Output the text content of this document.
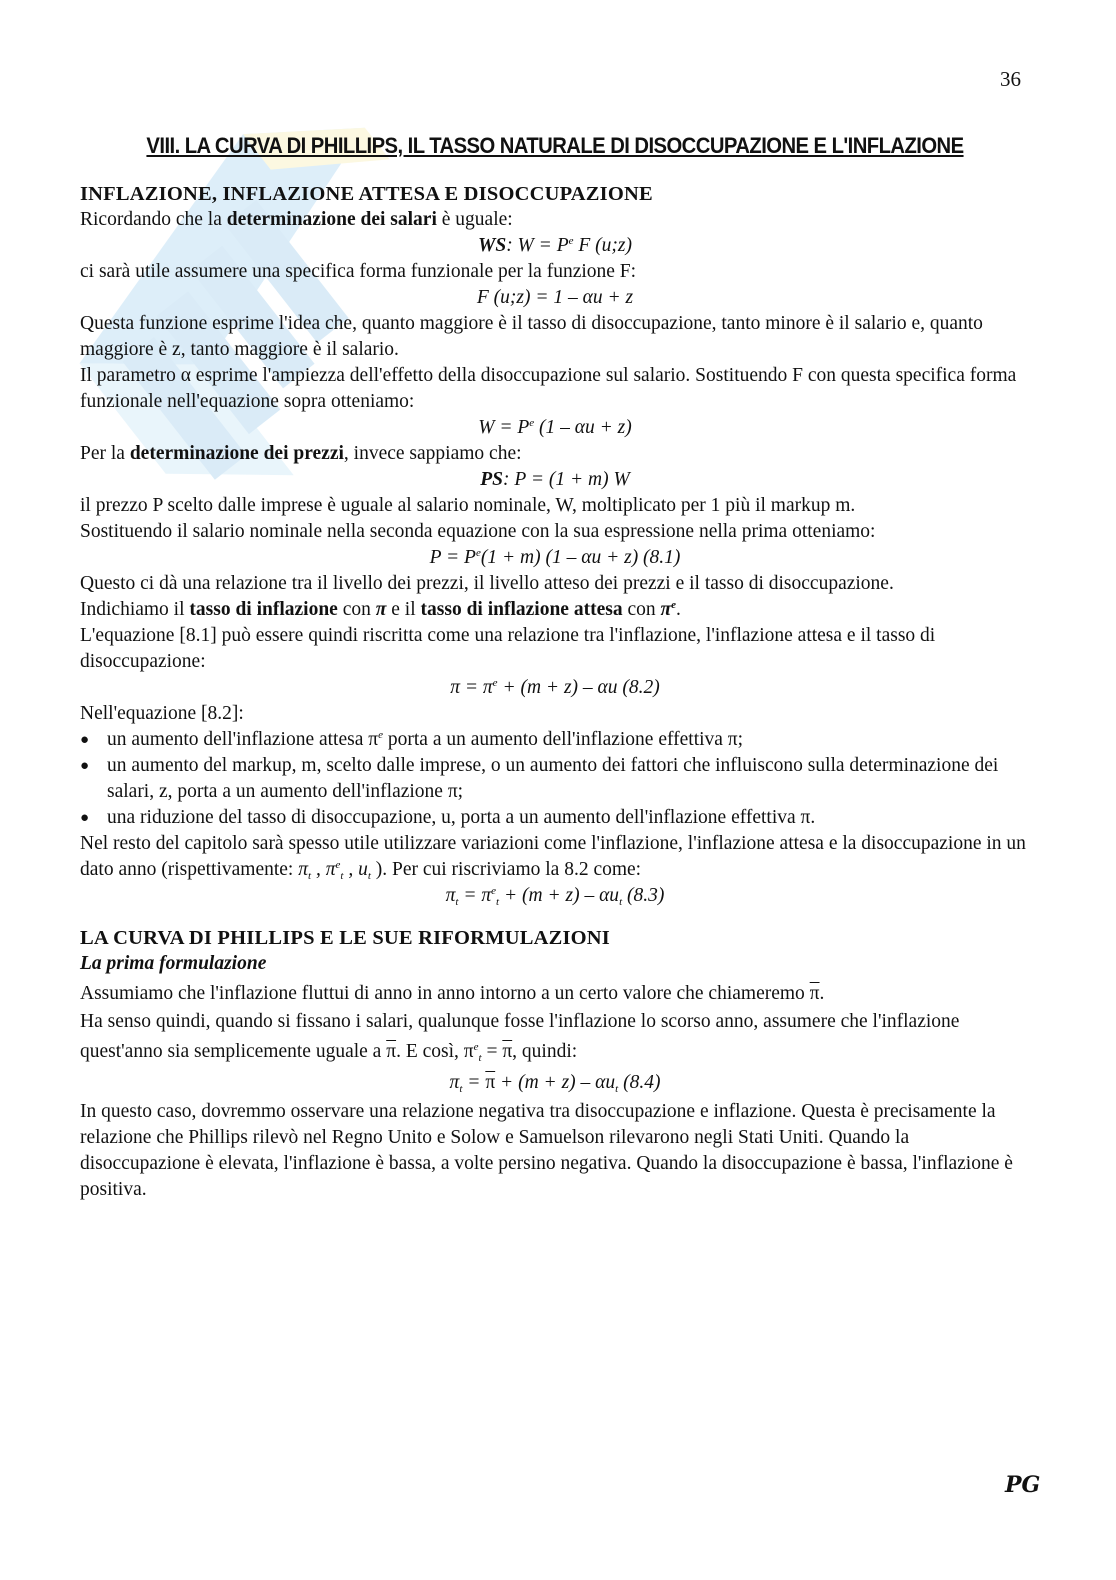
36
VIII. LA CURVA DI PHILLIPS, IL TASSO NATURALE DI DISOCCUPAZIONE E L'INFLAZIONE
INFLAZIONE, INFLAZIONE ATTESA E DISOCCUPAZIONE

Ricordando che la determinazione dei salari è uguale:

WS: $W = P^e$ F (u;z)

ci sarà utile assumere una specifica forma funzionale per la funzione F:

F (u;z) = 1 – αu + z

Questa funzione esprime l'idea che, quanto maggiore è il tasso di disoccupazione, tanto minore è il salario e, quanto maggiore è z, tanto maggiore è il salario.

Il parametro α esprime l'ampiezza dell'effetto della disoccupazione sul salario. Sostituendo F con questa specifica forma funzionale nell'equazione sopra otteniamo:

$W = P^e$ (1 – αu + z)

Per la determinazione dei prezzi, invece sappiamo che:

PS: P = (1 + m) W

il prezzo P scelto dalle imprese è uguale al salario nominale, W, moltiplicato per 1 più il markup m.

Sostituendo il salario nominale nella seconda equazione con la sua espressione nella prima otteniamo:

$P = P^e(1 + m)$ (1 – αu + z) (8.1)

Questo ci dà una relazione tra il livello dei prezzi, il livello atteso dei prezzi e il tasso di disoccupazione.

Indichiamo il tasso di inflazione con π e il tasso di inflazione attesa con $\pi^e$.

L'equazione [8.1] può essere quindi riscritta come una relazione tra l'inflazione, l'inflazione attesa e il tasso di disoccupazione:

$\pi = \pi^e + (m + z) - \alpha u$ (8.2)

Nell'equazione [8.2]:

● un aumento dell'inflazione attesa $\pi^e$ porta a un aumento dell'inflazione effettiva π;
● un aumento del markup, m, scelto dalle imprese, o un aumento dei fattori che influiscono sulla determinazione dei salari, z, porta a un aumento dell'inflazione π;
● una riduzione del tasso di disoccupazione, u, porta a un aumento dell'inflazione effettiva π.

Nel resto del capitolo sarà spesso utile utilizzare variazioni come l'inflazione, l'inflazione attesa e la disoccupazione in un dato anno (rispettivamente: $\pi_t$ , $\pi^e_t$ , $u_t$ ). Per cui riscriviamo la 8.2 come:

$\pi_t = \pi^e_t + (m + z) - \alpha u_t$ (8.3)

LA CURVA DI PHILLIPS E LE SUE RIFORMULAZIONI
La prima formulazione

Assumiamo che l'inflazione fluttui di anno in anno intorno a un certo valore che chiameremo $\overline{\pi}$.

Ha senso quindi, quando si fissano i salari, qualunque fosse l'inflazione lo scorso anno, assumere che l'inflazione quest'anno sia semplicemente uguale a $\overline{\pi}$. E così, $\pi^e_t = \overline{\pi}$, quindi:

$\pi_t = \overline{\pi} + (m + z) - \alpha u_t$ (8.4)

In questo caso, dovremmo osservare una relazione negativa tra disoccupazione e inflazione. Questa è precisamente la relazione che Phillips rilevò nel Regno Unito e Solow e Samuelson rilevarono negli Stati Uniti. Quando la disoccupazione è elevata, l'inflazione è bassa, a volte persino negativa. Quando la disoccupazione è bassa, l'inflazione è positiva.

PG
